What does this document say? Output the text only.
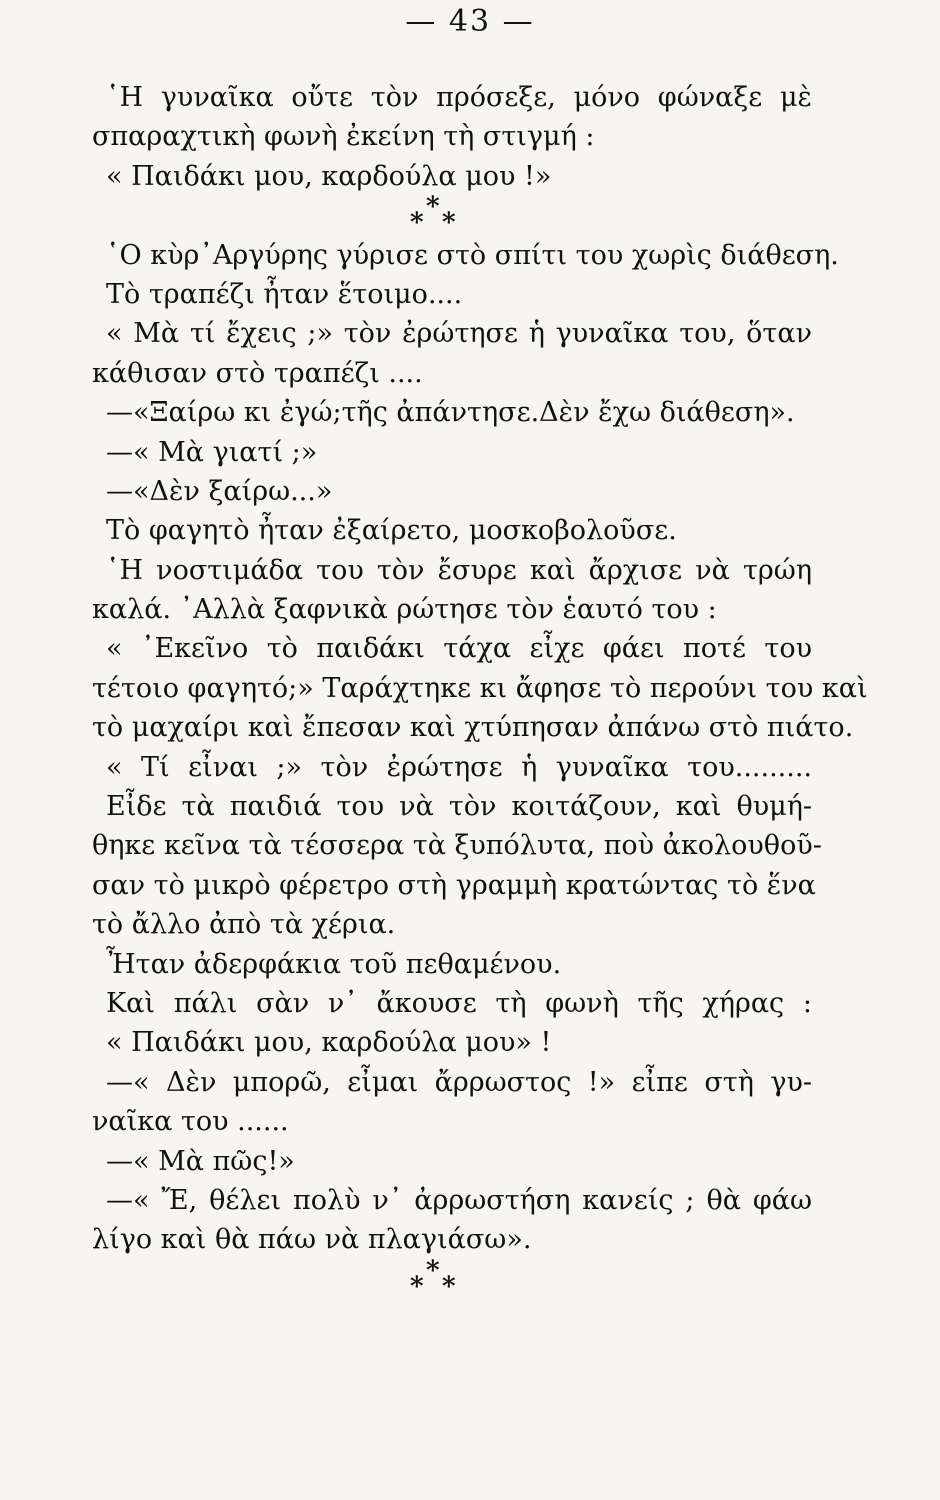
— 43 —
῾Η γυναῖκα οὔτε τὸν πρόσεξε, μόνο φώναξε μὲ
σπαραχτικὴ φωνὴ ἐκείνη τὴ στιγμή :
« Παιδάκι μου, καρδούλα μου !»
*
* *
῾Ο κὺρ᾿Αργύρης γύρισε στὸ σπίτι του χωρὶς διάθεση.
Τὸ τραπέζι ἦταν ἕτοιμο....
« Μὰ τί ἔχεις ;» τὸν ἐρώτησε ἡ γυναῖκα του, ὅταν
κάθισαν στὸ τραπέζι ....
—«Ξαίρω κι ἐγώ;τῆς ἀπάντησε.Δὲν ἔχω διάθεση».
—« Μὰ γιατί ;»
—«Δὲν ξαίρω...»
Τὸ φαγητὸ ἦταν ἐξαίρετο, μοσκοβολοῦσε.
῾Η νοστιμάδα του τὸν ἔσυρε καὶ ἄρχισε νὰ τρώη
καλά. ᾿Αλλὰ ξαφνικὰ ρώτησε τὸν ἑαυτό του :
« ᾿Εκεῖνο τὸ παιδάκι τάχα εἶχε φάει ποτέ του
τέτοιο φαγητό;» Ταράχτηκε κι ἄφησε τὸ περούνι του καὶ
τὸ μαχαίρι καὶ ἔπεσαν καὶ χτύπησαν ἀπάνω στὸ πιάτο.
« Τί εἶναι ;» τὸν ἐρώτησε ἡ γυναῖκα του.........
Εἶδε τὰ παιδιά του νὰ τὸν κοιτάζουν, καὶ θυμή-
θηκε κεῖνα τὰ τέσσερα τὰ ξυπόλυτα, ποὺ ἀκολουθοῦ-
σαν τὸ μικρὸ φέρετρο στὴ γραμμὴ κρατώντας τὸ ἕνα
τὸ ἄλλο ἀπὸ τὰ χέρια.
Ἦταν ἀδερφάκια τοῦ πεθαμένου.
Καὶ πάλι σὰν ν᾿ ἄκουσε τὴ φωνὴ τῆς χήρας :
« Παιδάκι μου, καρδούλα μου» !
—« Δὲν μπορῶ, εἶμαι ἄρρωστος !» εἶπε στὴ γυ-
ναῖκα του ......
—« Μὰ πῶς!»
—« Ἔ, θέλει πολὺ ν᾿ ἀρρωστήση κανείς ; θὰ φάω
λίγο καὶ θὰ πάω νὰ πλαγιάσω».
*
* *
